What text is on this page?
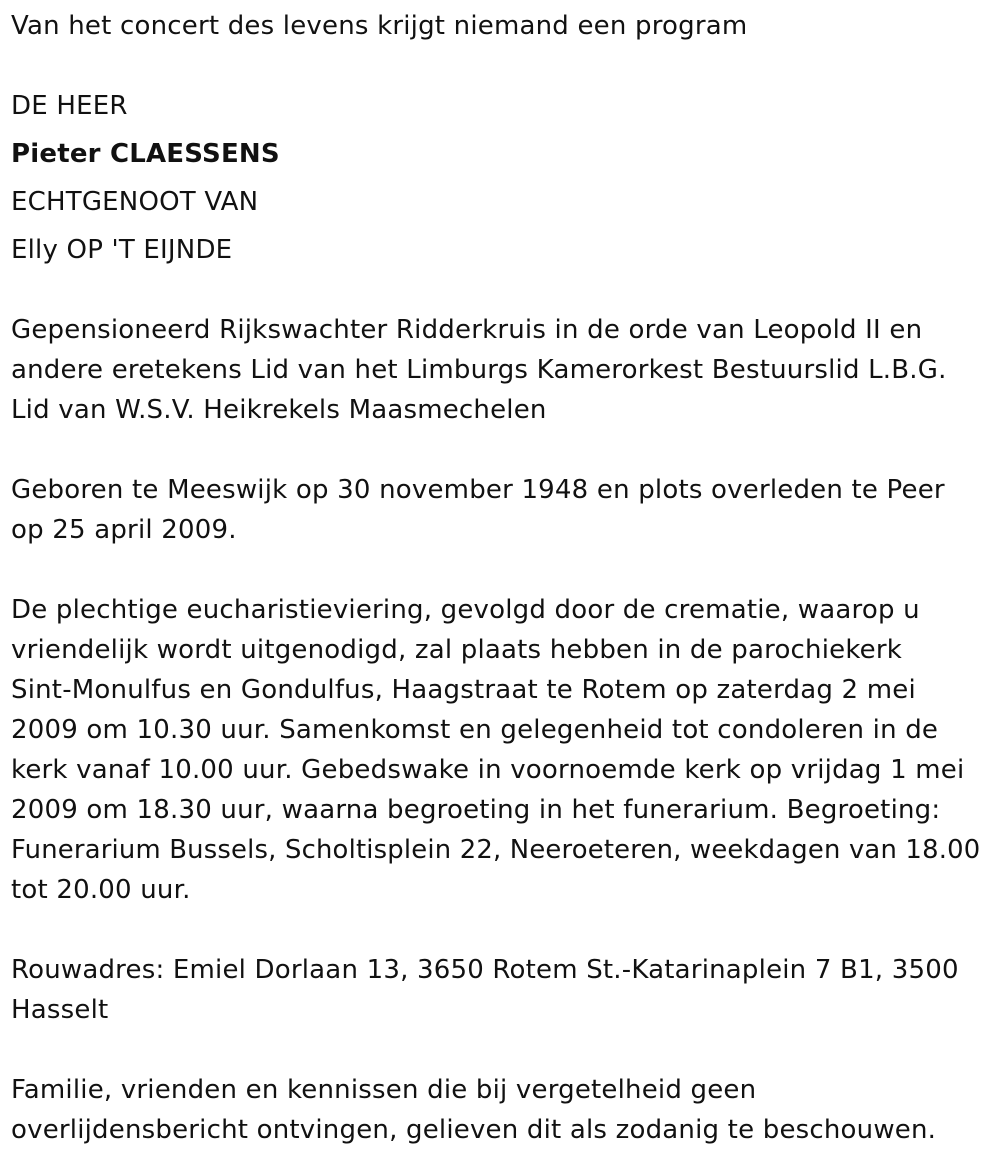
Van het concert des levens krijgt niemand een program
DE HEER
Pieter CLAESSENS
ECHTGENOOT VAN
Elly OP 'T EIJNDE
Gepensioneerd Rijkswachter Ridderkruis in de orde van Leopold II en
andere eretekens Lid van het Limburgs Kamerorkest Bestuurslid L.B.G.
Lid van W.S.V. Heikrekels Maasmechelen
Geboren te Meeswijk op 30 november 1948 en plots overleden te Peer
op 25 april 2009.
De plechtige eucharistieviering, gevolgd door de crematie, waarop u
vriendelijk wordt uitgenodigd, zal plaats hebben in de parochiekerk
Sint-Monulfus en Gondulfus, Haagstraat te Rotem op zaterdag 2 mei
2009 om 10.30 uur. Samenkomst en gelegenheid tot condoleren in de
kerk vanaf 10.00 uur. Gebedswake in voornoemde kerk op vrijdag 1 mei
2009 om 18.30 uur, waarna begroeting in het funerarium. Begroeting:
Funerarium Bussels, Scholtisplein 22, Neeroeteren, weekdagen van 18.00
tot 20.00 uur.
Rouwadres: Emiel Dorlaan 13, 3650 Rotem St.-Katarinaplein 7 B1, 3500
Hasselt
Familie, vrienden en kennissen die bij vergetelheid geen
overlijdensbericht ontvingen, gelieven dit als zodanig te beschouwen.
